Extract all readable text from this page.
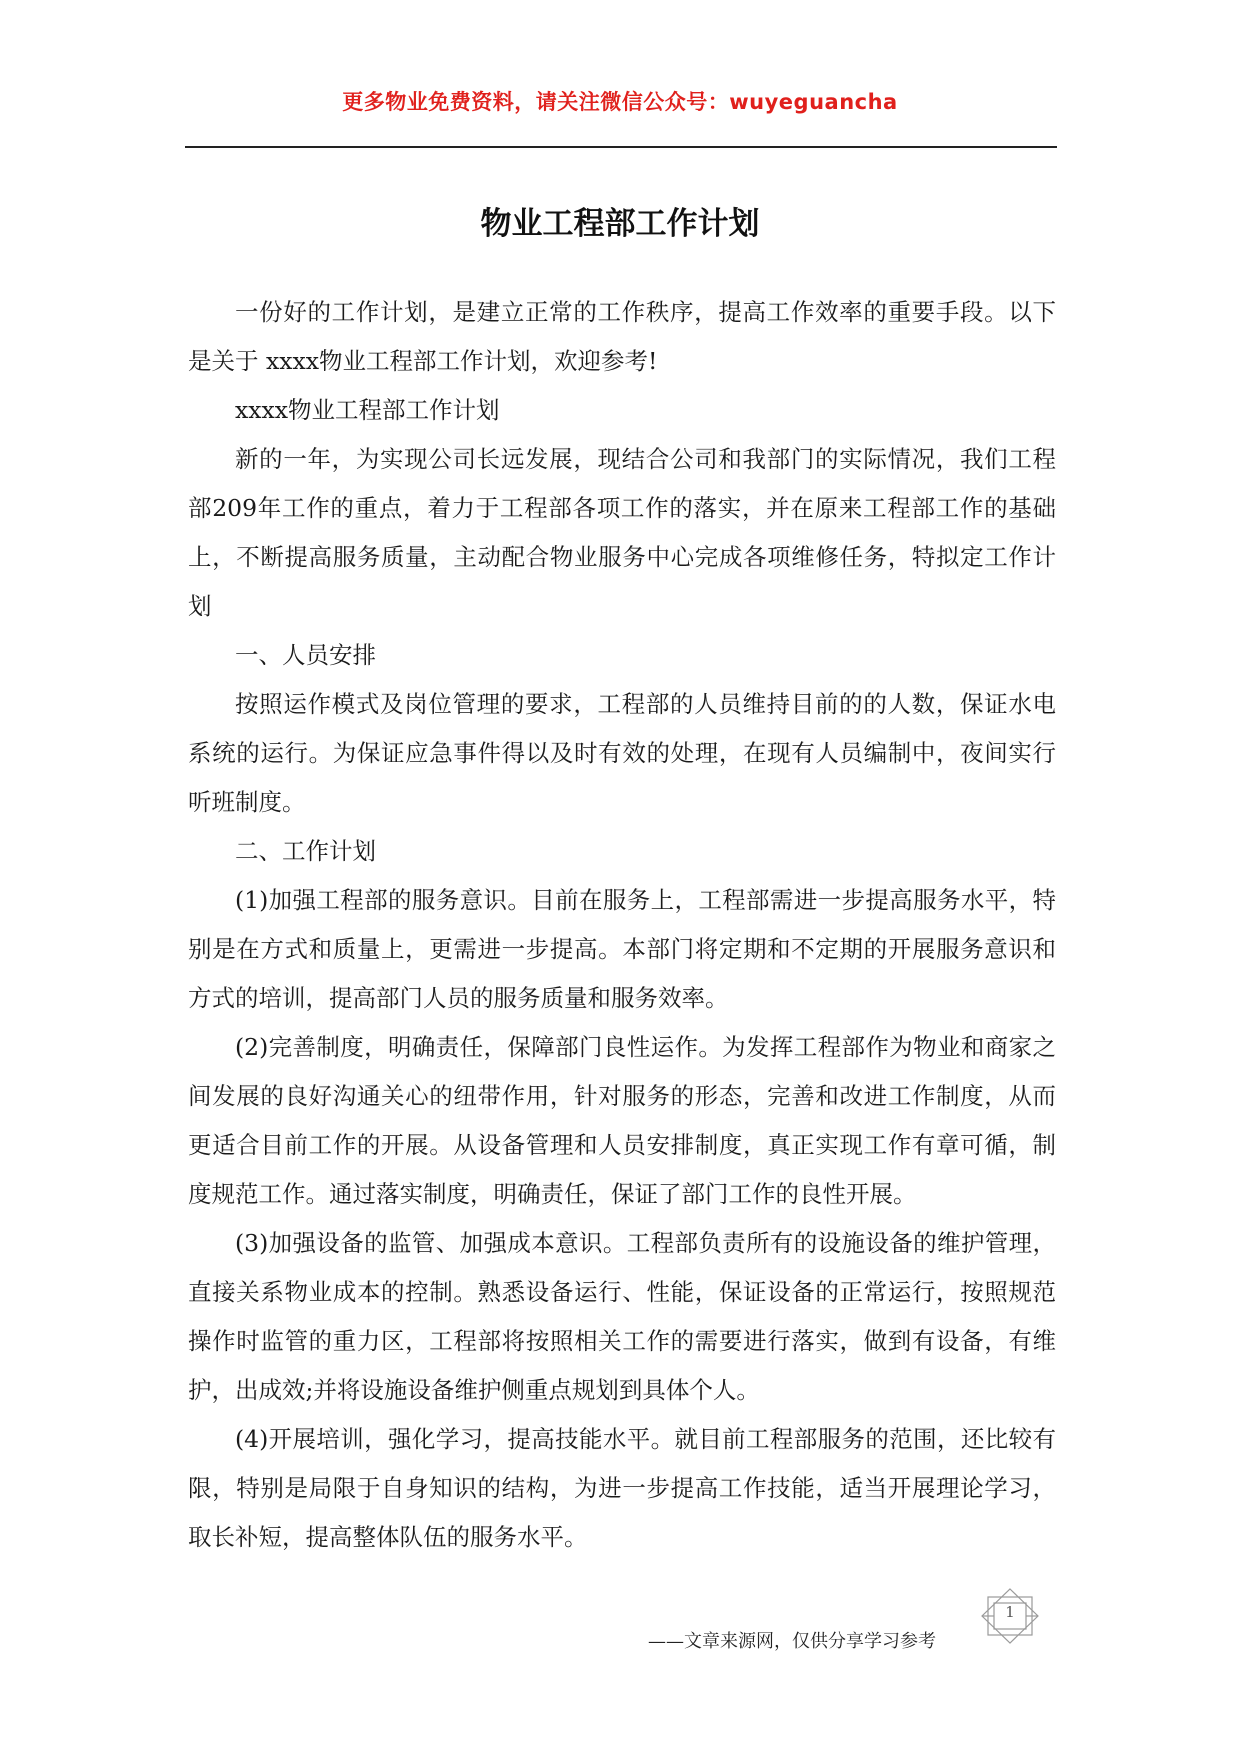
更多物业免费资料，请关注微信公众号：wuyeguancha
物业工程部工作计划

一份好的工作计划，是建立正常的工作秩序，提高工作效率的重要手段。以下是关于 xxxx物业工程部工作计划，欢迎参考!

xxxx物业工程部工作计划

新的一年，为实现公司长远发展，现结合公司和我部门的实际情况，我们工程部209年工作的重点，着力于工程部各项工作的落实，并在原来工程部工作的基础上，不断提高服务质量，主动配合物业服务中心完成各项维修任务，特拟定工作计划

一、人员安排

按照运作模式及岗位管理的要求，工程部的人员维持目前的的人数，保证水电系统的运行。为保证应急事件得以及时有效的处理，在现有人员编制中，夜间实行听班制度。

二、工作计划

(1)加强工程部的服务意识。目前在服务上，工程部需进一步提高服务水平，特别是在方式和质量上，更需进一步提高。本部门将定期和不定期的开展服务意识和方式的培训，提高部门人员的服务质量和服务效率。

(2)完善制度，明确责任，保障部门良性运作。为发挥工程部作为物业和商家之间发展的良好沟通关心的纽带作用，针对服务的形态，完善和改进工作制度，从而更适合目前工作的开展。从设备管理和人员安排制度，真正实现工作有章可循，制度规范工作。通过落实制度，明确责任，保证了部门工作的良性开展。

(3)加强设备的监管、加强成本意识。工程部负责所有的设施设备的维护管理，直接关系物业成本的控制。熟悉设备运行、性能，保证设备的正常运行，按照规范操作时监管的重力区，工程部将按照相关工作的需要进行落实，做到有设备，有维护，出成效;并将设施设备维护侧重点规划到具体个人。

(4)开展培训，强化学习，提高技能水平。就目前工程部服务的范围，还比较有限，特别是局限于自身知识的结构，为进一步提高工作技能，适当开展理论学习，取长补短，提高整体队伍的服务水平。

——文章来源网，仅供分享学习参考
1
